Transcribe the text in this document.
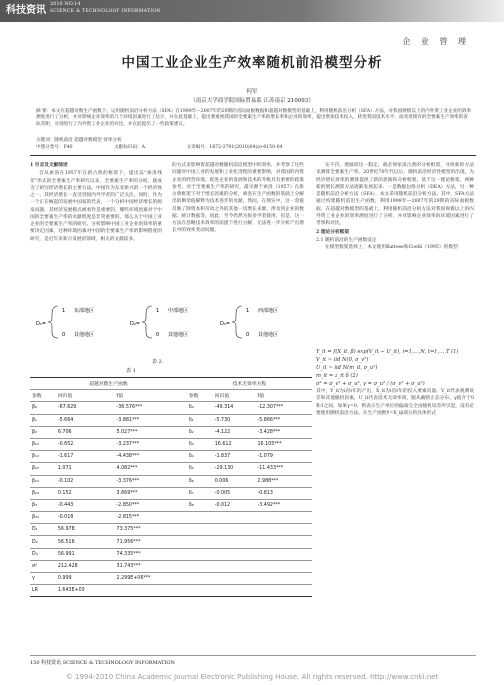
科技资讯
2010 NO.14
SCIENCE & TECHNOLOGY INFORMATION
企 业 管 理
中国工业企业生产效率随机前沿模型分析
何军
（南京大学商学院国际贸易系 江苏南京 210093）
摘 要：本文在超越对数生产函数下，运用随机前沿分析方法（SFA）在1999年—2007年的29期的省际面板数据和超越对数模型的基础上，利用随机前沿分析（SFA）方法，对我国规模以上的内外资工业企业的效率测度进行了分析，并对影响企业效率的几个环境因素进行了估计，并在此基础上，提出要重视我国的全要素生产率的增长率和企业的效率，提出增加技术投入，转变我国技术水平，而改进现有的全要素生产效率的省际差距，分别进行了内外资工业企业的对比，并在此提出了一些政策建议。
关键词：随机前沿 超越对数模型 效率分析
中图分类号：F40	文献标识码：A	文章编号：1672-3791(2010)04(a)-0150-04
1 引言及文献综述
自从索洛在1957年在新古典的框架下，提出以"索洛残差"形式的全要素生产率研究以来，全要素生产率的分析，就成为了研究经济增长的主要方法。中国作为东亚新兴的一个经济体之一，其经济增长一直受到国内外学者的广泛关注。同时，作为一个正在崛起的发展中国家的代表，一个分析中国经济增长的源泉问题，其经济发展模式被看作是重要的，哪些环境因素对于中国的全要素生产率的贡献程度是非常重要的。那么关于中国工业企业的全要素生产率的研究，分析影响中国工业企业的效率的重要决定因素，这种环境因素对中国的全要素生产率的影响程度的研究，是近年来新兴发展的领域，相关的文献较多。
的方式来影响着超越对数随机前沿模型中的效率，并考察了这些问题对中国工业的发展和工业化进程的重要影响，对我国的内资企业的经营环境，促进企业的发展和技术的升级具有重要的政策参考。对于全要素生产率的研究，最早源于索洛（1957）在新古典框架下对于增长因素的分析，索洛在生产函数的基础上分解出的剩余值解释为技术进步的贡献，然而，在现实中，这一余值反映了除资本和劳动之外的其他一切增长来源，涉及到企业的数据、统计数据等，因此，至今仍然为很多学者使用，但是，这一方法在忽略技术效率的前提下进行分解，无法进一步分析产出增长中的效率变动问题。
实不符，要做较这一假定，就必须家谈古典的分析框架，寻找新的方法来测算全要素生产率。20世纪70年代以后，随机前沿经济性模型的出现，为经济增长效率的测算提供了新的思路和分析框架。基于这一理论框架，两种新的增长测算方法逐渐发展起来：一是数据包络分析（DEA）方法，另一种是随机前沿分析方法（SFA）。本文采用随机前沿分析方法。其中，SFA方法通过构建随机前沿生产函数，利用1999年—2007年的29期的省际面板数据，在超越对数模型的基础上，利用随机前沿分析方法对我国规模以上的内外资工业企业的效率测度进行了分析，并对影响企业效率的环境因素进行了考察和对比。
2 理论分析框架
2.1 随机前沿的生产函数设定
在模型框架选择上，本文使用Battese和Coelli（1995）的模型：
Y_it = f(X_it, β) exp(V_it − U_it), i=1,…,N, t=1,…,T (1)
V_it ~ iid N(0, σ_v²)
U_it ~ iid N(m_it, σ_u²)
m_it = z_it δ (2)
σ² = σ_v² + σ_u², γ = σ_u² / (σ_v² + σ_u²)
其中，Y_it为i省t年的产出，X_it为i省t年的投入要素向量。V_it代表观测误差和其他随机因素，U_it代表技术无效率项，服从截断正态分布。γ值介于0和1之间，如果γ=0，则表示生产单位的偏离完全由随机误差所引起，没有必要使用随机前沿方法。在生产函数Y=X_iβ部分的具体形式
D₁=
1 东部地区
0 其他地区
D₂=
1 中部地区
0 其他地区
D₃=
1 西部地区
0 其他地区
表 2
表 1
超越对数生产函数			技术无效率方程		
参数	回归值	t值	参数	回归值	t值
β₀	-67.629	-36.576***	δ₀	-49.314	-12.307***
β₁	-5.664	-3.881***	δ₁	-5.730	-5.866***
β₂	6.706	5.027***	δ₂	-4.122	-3.428***
β₁₁	-0.652	-3.237***	δ₃	16.612	16.105***
β₁₂	-1.617	-4.438***	δ₄	-1.837	-1.079
β₂₂	1.071	4.082***	δ₅	-29.130	-11.433***
β₁₃	-0.102	-3.376***	δ₆	0.006	2.988***
β₂₃	0.152	3.669***	δ₇	-0.005	-0.813
β₃	-0.443	-2.850***	δ₈	-0.012	-3.492***
β₃₃	-0.018	-2.815***			
D₁	56.978	73.375***			
D₂	56.516	71.956***			
D₃	56.991	74.335***			
σ²	212.428	31.743***			
γ	0.999	2.299E+06***			
LR	1.643E+03				
150 科技资讯 SCIENCE & TECHNOLOGY INFORMATION
© 1994-2010 China Academic Journal Electronic Publishing House. All rights reserved. http://www.cnki.net
